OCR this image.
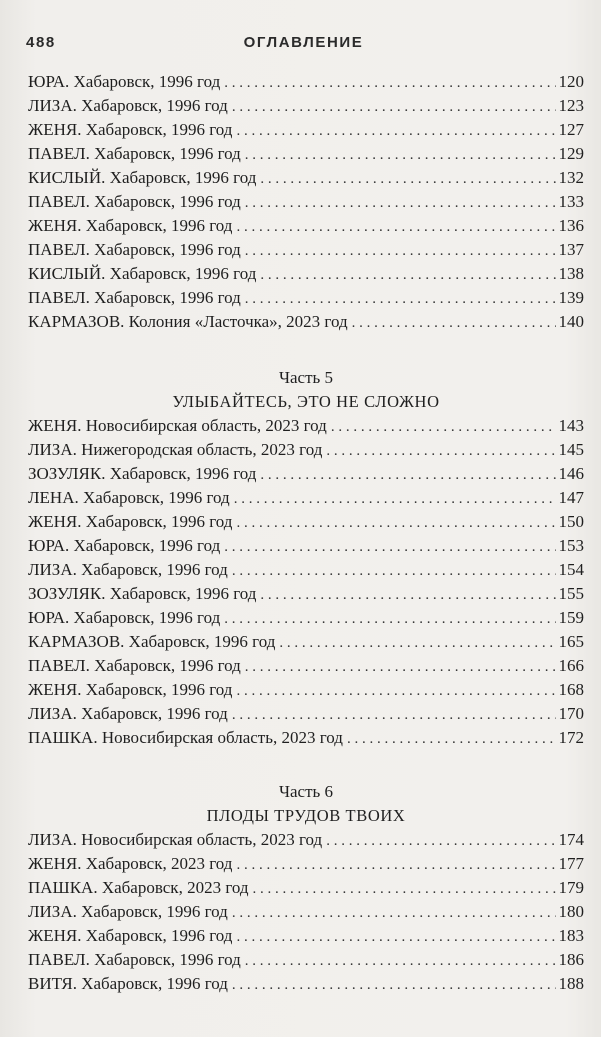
488	ОГЛАВЛЕНИЕ
ЮРА. Хабаровск, 1996 год . . .	120
ЛИЗА. Хабаровск, 1996 год . . .	123
ЖЕНЯ. Хабаровск, 1996 год . . .	127
ПАВЕЛ. Хабаровск, 1996 год . . .	129
КИСЛЫЙ. Хабаровск, 1996 год . . .	132
ПАВЕЛ. Хабаровск, 1996 год . . .	133
ЖЕНЯ. Хабаровск, 1996 год . . .	136
ПАВЕЛ. Хабаровск, 1996 год . . .	137
КИСЛЫЙ. Хабаровск, 1996 год . . .	138
ПАВЕЛ. Хабаровск, 1996 год . . .	139
КАРМАЗОВ. Колония «Ласточка», 2023 год . . .	140
Часть 5
УЛЫБАЙТЕСЬ, ЭТО НЕ СЛОЖНО
ЖЕНЯ. Новосибирская область, 2023 год . . .	143
ЛИЗА. Нижегородская область, 2023 год . . .	145
ЗОЗУЛЯК. Хабаровск, 1996 год . . .	146
ЛЕНА. Хабаровск, 1996 год . . .	147
ЖЕНЯ. Хабаровск, 1996 год . . .	150
ЮРА. Хабаровск, 1996 год . . .	153
ЛИЗА. Хабаровск, 1996 год . . .	154
ЗОЗУЛЯК. Хабаровск, 1996 год . . .	155
ЮРА. Хабаровск, 1996 год . . .	159
КАРМАЗОВ. Хабаровск, 1996 год . . .	165
ПАВЕЛ. Хабаровск, 1996 год . . .	166
ЖЕНЯ. Хабаровск, 1996 год . . .	168
ЛИЗА. Хабаровск, 1996 год . . .	170
ПАШКА. Новосибирская область, 2023 год . . .	172
Часть 6
ПЛОДЫ ТРУДОВ ТВОИХ
ЛИЗА. Новосибирская область, 2023 год . . .	174
ЖЕНЯ. Хабаровск, 2023 год . . .	177
ПАШКА. Хабаровск, 2023 год . . .	179
ЛИЗА. Хабаровск, 1996 год . . .	180
ЖЕНЯ. Хабаровск, 1996 год . . .	183
ПАВЕЛ. Хабаровск, 1996 год . . .	186
ВИТЯ. Хабаровск, 1996 год . . .	188
